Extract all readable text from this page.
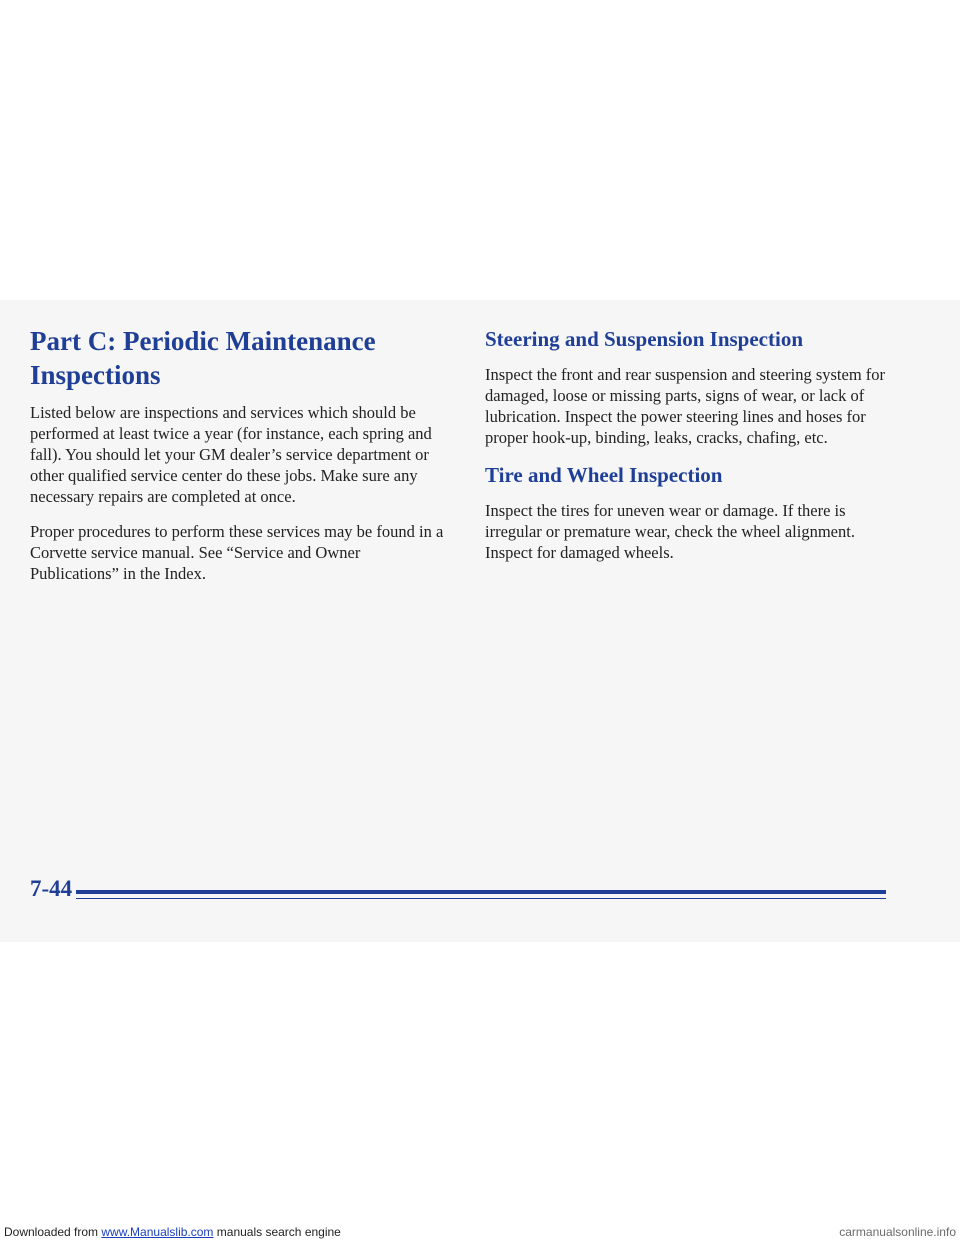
Part C: Periodic Maintenance
Inspections

Listed below are inspections and services which should be performed at least twice a year (for instance, each spring and fall). You should let your GM dealer’s service department or other qualified service center do these jobs. Make sure any necessary repairs are completed at once.

Proper procedures to perform these services may be found in a Corvette service manual. See “Service and Owner Publications” in the Index.

Steering and Suspension Inspection

Inspect the front and rear suspension and steering system for damaged, loose or missing parts, signs of wear, or lack of lubrication. Inspect the power steering lines and hoses for proper hook-up, binding, leaks, cracks, chafing, etc.

Tire and Wheel Inspection

Inspect the tires for uneven wear or damage. If there is irregular or premature wear, check the wheel alignment. Inspect for damaged wheels.

7-44
Downloaded from www.Manualslib.com manuals search engine	carmanualsonline.info
